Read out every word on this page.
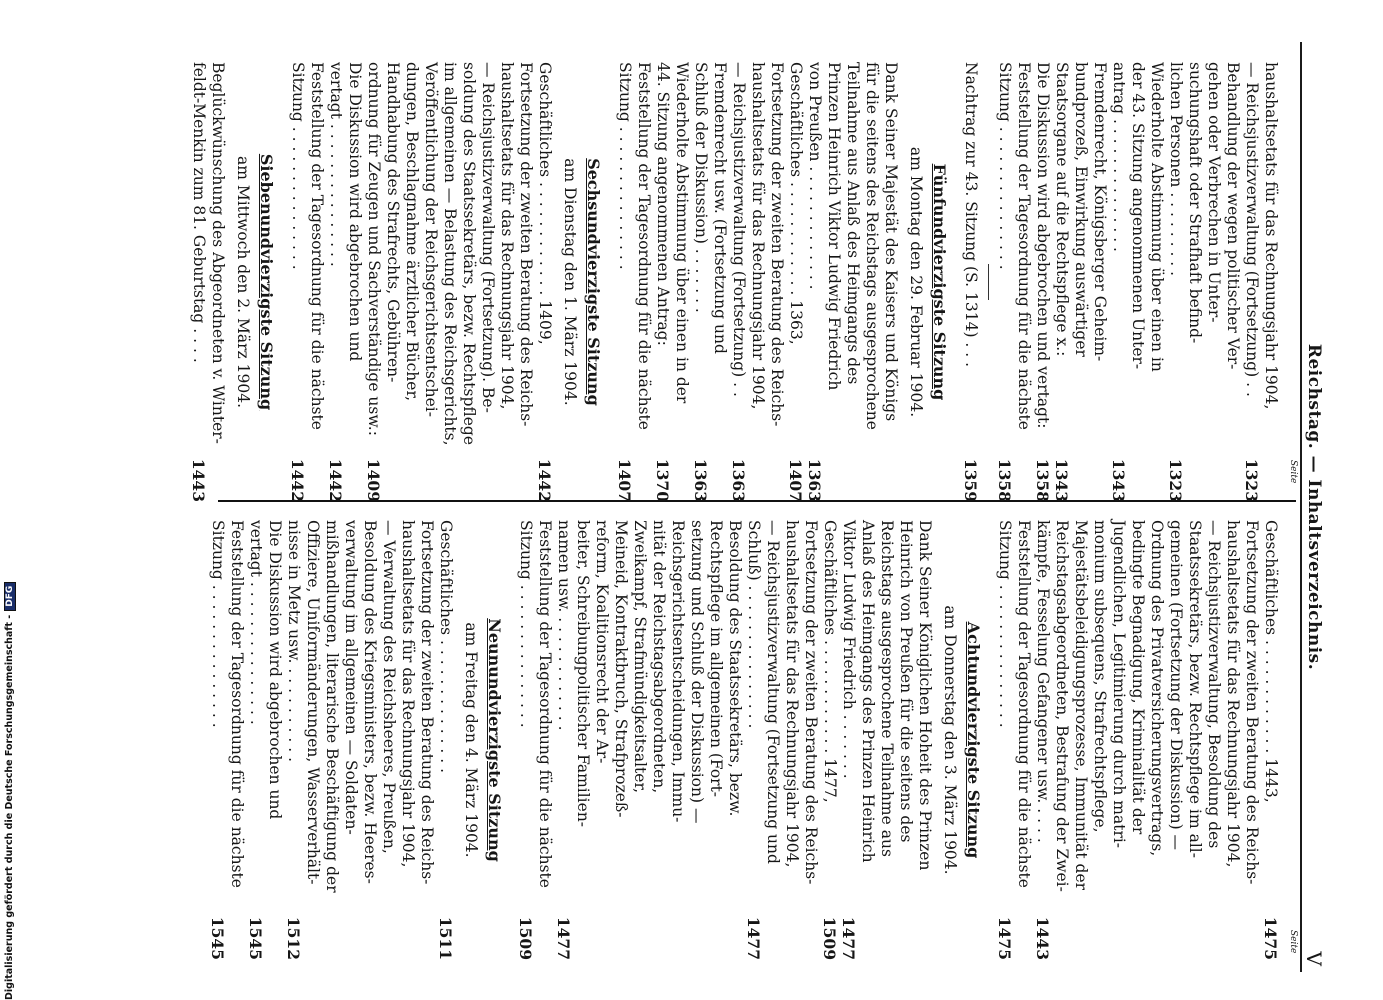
Reichstag. — Inhaltsverzeichnis.
V
Seite
Seite
haushaltsetats für das Rechnungsjahr 1904,
— Reichsjustizverwaltung (Fortsetzung) . .
1323
Behandlung der wegen politischer Ver-
gehen oder Verbrechen in Unter-
suchungshaft oder Strafhaft befind-
lichen Personen . . . . . . . . .
1323
Wiederholte Abstimmung über einen in
der 43. Sitzung angenommenen Unter-
antrag . . . . . . . . . . . . . .
1343
Fremdenrecht, Königsberger Geheim-
bundprozeß, Einwirkung auswärtiger
Staatsorgane auf die Rechtspflege x.:
1343
Die Diskussion wird abgebrochen und vertagt:
1358
Feststellung der Tagesordnung für die nächste
Sitzung . . . . . . . . . . . . . . .
1358
Nachtrag zur 43. Sitzung (S. 1314) . . .
1359
Fünfundvierzigste Sitzung
am Montag den 29. Februar 1904.
Dank Seiner Majestät des Kaisers und Königs
für die seitens des Reichstags ausgesprochene
Teilnahme aus Anlaß des Heimgangs des
Prinzen Heinrich Viktor Ludwig Friedrich
von Preußen . . . . . . . . . . . . .
1363
Geschäftliches . . . . . . . . . . . . 1363,
1407
Fortsetzung der zweiten Beratung des Reichs-
haushaltsetats für das Rechnungsjahr 1904,
— Reichsjustizverwaltung (Fortsetzung) . .
1363
Fremdenrecht usw. (Fortsetzung und
Schluß der Diskussion) . . . . . . .
1363
Wiederholte Abstimmung über einen in der
44. Sitzung angenommenen Antrag:
1370
Feststellung der Tagesordnung für die nächste
Sitzung . . . . . . . . . . . . . . .
1407
Sechsundvierzigste Sitzung
am Dienstag den 1. März 1904.
Geschäftliches . . . . . . . . . . . . 1409,
1442
Fortsetzung der zweiten Beratung des Reichs-
haushaltsetats für das Rechnungsjahr 1904,
— Reichsjustizverwaltung (Fortsetzung). Be-
soldung des Staatssekretärs, bezw. Rechtspflege
im allgemeinen — Belastung des Reichsgerichts,
Veröffentlichung der Reichsgerichtsentschei-
dungen, Beschlagnahme ärztlicher Bücher,
Handhabung des Strafrechts, Gebühren-
ordnung für Zeugen und Sachverständige usw.:
1409
Die Diskussion wird abgebrochen und
vertagt . . . . . . . . . . . . . . .
1442
Feststellung der Tagesordnung für die nächste
Sitzung . . . . . . . . . . . . . . .
1442
Siebenundvierzigste Sitzung
am Mittwoch den 2. März 1904.
Beglückwünschung des Abgeordneten v. Winter-
feldt-Menkin zum 81. Geburtstag . . . .
1443
Geschäftliches . . . . . . . . . . . . 1443,
1475
Fortsetzung der zweiten Beratung des Reichs-
haushaltsetats für das Rechnungsjahr 1904,
— Reichsjustizverwaltung, Besoldung des
Staatssekretärs, bezw. Rechtspflege im all-
gemeinen (Fortsetzung der Diskussion) —
Ordnung des Privatversicherungsvertrags,
bedingte Begnadigung, Kriminalität der
Jugendlichen, Legitimierung durch matri-
monium subsequens, Strafrechtspflege,
Majestätsbeleidigungsprozesse, Immunität der
Reichstagsabgeordneten, Bestrafung der Zwei-
kämpfe, Fesselung Gefangener usw. . . . .
1443
Feststellung der Tagesordnung für die nächste
Sitzung . . . . . . . . . . . . . . .
1475
Achtundvierzigste Sitzung
am Donnerstag den 3. März 1904.
Dank Seiner Königlichen Hoheit des Prinzen
Heinrich von Preußen für die seitens des
Reichstags ausgesprochene Teilnahme aus
Anlaß des Heimgangs des Prinzen Heinrich
Viktor Ludwig Friedrich . . . . . . .
1477
Geschäftliches . . . . . . . . . . . . 1477,
1509
Fortsetzung der zweiten Beratung des Reichs-
haushaltsetats für das Rechnungsjahr 1904,
— Reichsjustizverwaltung (Fortsetzung und
Schluß) . . . . . . . . . . . . . . .
1477
Besoldung des Staatssekretärs, bezw.
Rechtspflege im allgemeinen (Fort-
setzung und Schluß der Diskussion) —
Reichsgerichtsentscheidungen, Immu-
nität der Reichstagsabgeordneten,
Zweikampf, Strafmündigkeitsalter,
Meineid, Kontraktbruch, Strafprozeß-
reform, Koalitionsrecht der Ar-
beiter, Schreibungpolitischer Familien-
namen usw. . . . . . . . . . . . .
1477
Feststellung der Tagesordnung für die nächste
Sitzung . . . . . . . . . . . . . . .
1509
Neunundvierzigste Sitzung
am Freitag den 4. März 1904.
Geschäftliches . . . . . . . . . . . . . .
1511
Fortsetzung der zweiten Beratung des Reichs-
haushaltsetats für das Rechnungsjahr 1904,
— Verwaltung des Reichsheeres, Preußen,
Besoldung des Kriegsministers, bezw. Heeres-
verwaltung im allgemeinen — Soldaten-
mißhandlungen, literarische Beschäftigung der
Offiziere, Uniformänderungen, Wasserverhält-
nisse in Metz usw. . . . . . . . . . .
1512
Die Diskussion wird abgebrochen und
vertagt . . . . . . . . . . . . . . .
1545
Feststellung der Tagesordnung für die nächste
Sitzung . . . . . . . . . . . . . . .
1545
Digitalisierung gefördert durch die Deutsche Forschungsgemeinschaft -DFG
